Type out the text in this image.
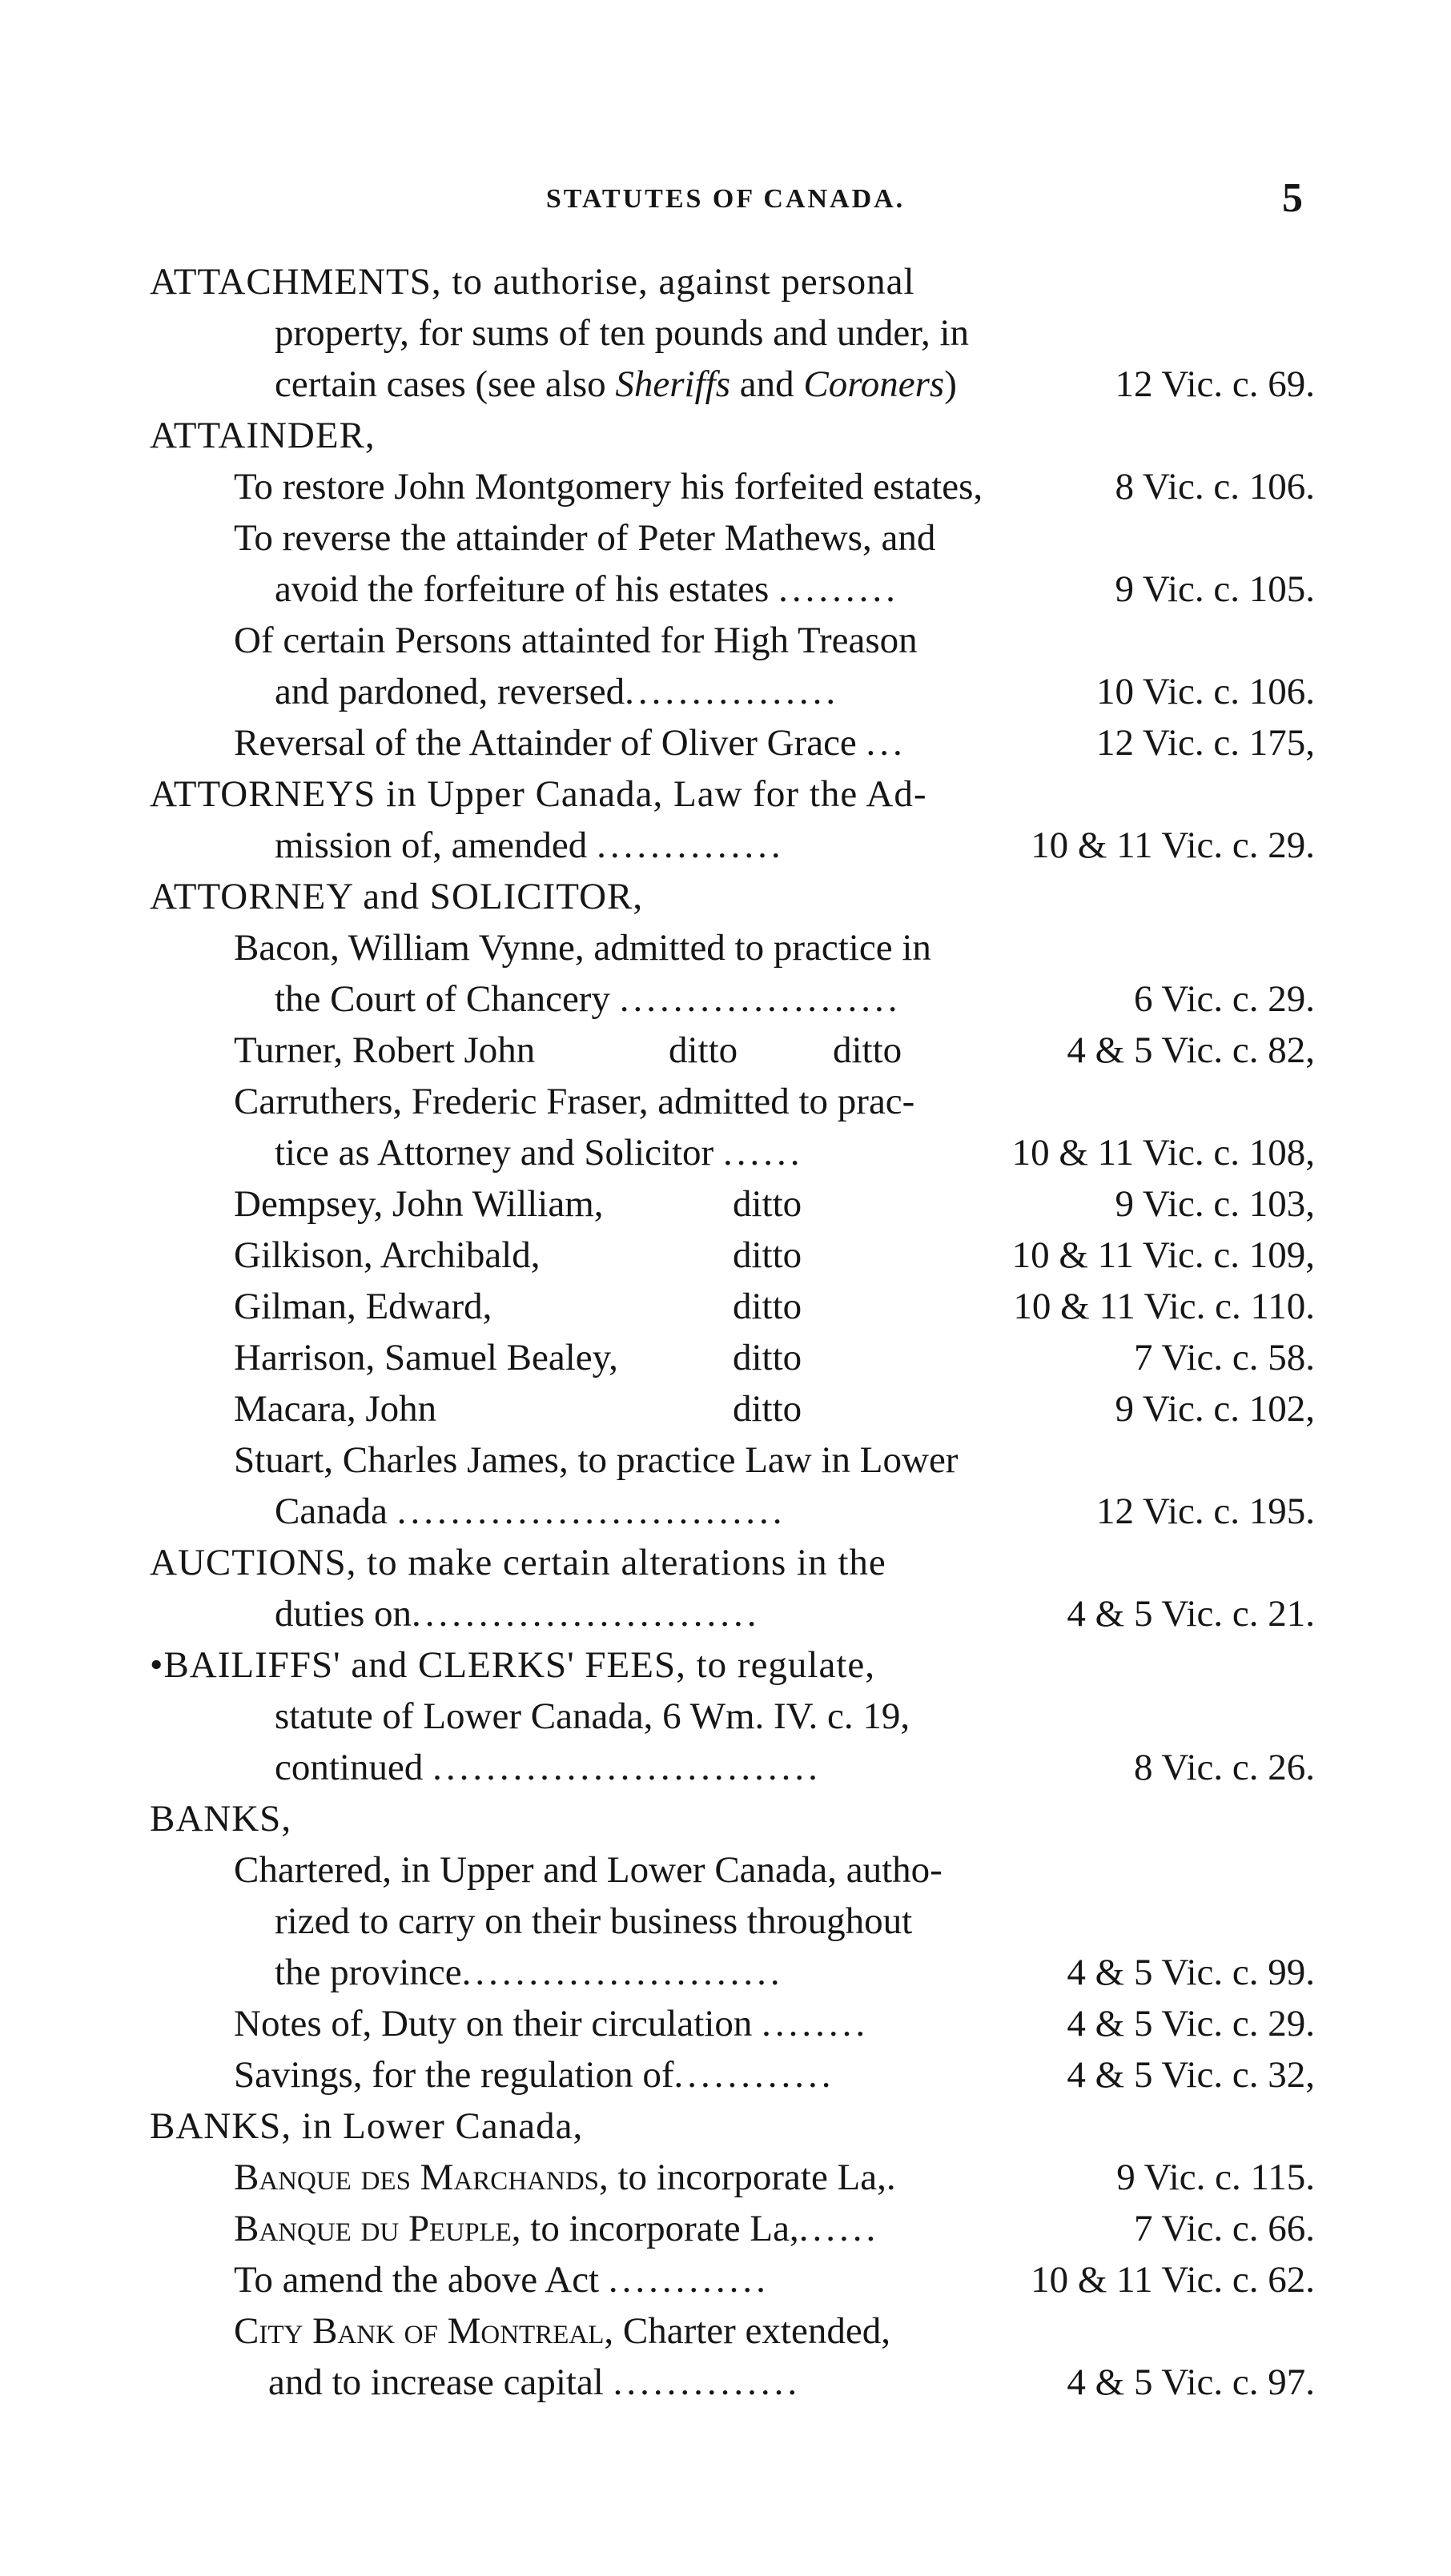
STATUTES OF CANADA.	5
ATTACHMENTS, to authorise, against personal
property, for sums of ten pounds and under, in
certain cases (see also Sheriffs and Coroners)	12 Vic. c. 69.
ATTAINDER,
To restore John Montgomery his forfeited estates,	8 Vic. c. 106.
To reverse the attainder of Peter Mathews, and
avoid the forfeiture of his estates .........	9 Vic. c. 105.
Of certain Persons attainted for High Treason
and pardoned, reversed................	10 Vic. c. 106.
Reversal of the Attainder of Oliver Grace ...	12 Vic. c. 175,
ATTORNEYS in Upper Canada, Law for the Ad-
mission of, amended ..............	10 & 11 Vic. c. 29.
ATTORNEY and SOLICITOR,
Bacon, William Vynne, admitted to practice in
the Court of Chancery .....................	6 Vic. c. 29.
Turner, Robert John	ditto	ditto	4 & 5 Vic. c. 82,
Carruthers, Frederic Fraser, admitted to prac-
tice as Attorney and Solicitor ......	10 & 11 Vic. c. 108,
Dempsey, John William,	ditto	9 Vic. c. 103,
Gilkison, Archibald,	ditto	10 & 11 Vic. c. 109,
Gilman, Edward,	ditto	10 & 11 Vic. c. 110.
Harrison, Samuel Bealey,	ditto	7 Vic. c. 58.
Macara, John	ditto	9 Vic. c. 102,
Stuart, Charles James, to practice Law in Lower
Canada .............................	12 Vic. c. 195.
AUCTIONS, to make certain alterations in the
duties on..........................	4 & 5 Vic. c. 21.
•BAILIFFS' and CLERKS' FEES, to regulate,
statute of Lower Canada, 6 Wm. IV. c. 19,
continued .............................	8 Vic. c. 26.
BANKS,
Chartered, in Upper and Lower Canada, autho-
rized to carry on their business throughout
the province........................	4 & 5 Vic. c. 99.
Notes of, Duty on their circulation ........	4 & 5 Vic. c. 29.
Savings, for the regulation of............	4 & 5 Vic. c. 32,
BANKS, in Lower Canada,
Banque des Marchands, to incorporate La,.	9 Vic. c. 115.
Banque du Peuple, to incorporate La,......	7 Vic. c. 66.
To amend the above Act ............	10 & 11 Vic. c. 62.
City Bank of Montreal, Charter extended,
and to increase capital ..............	4 & 5 Vic. c. 97.
